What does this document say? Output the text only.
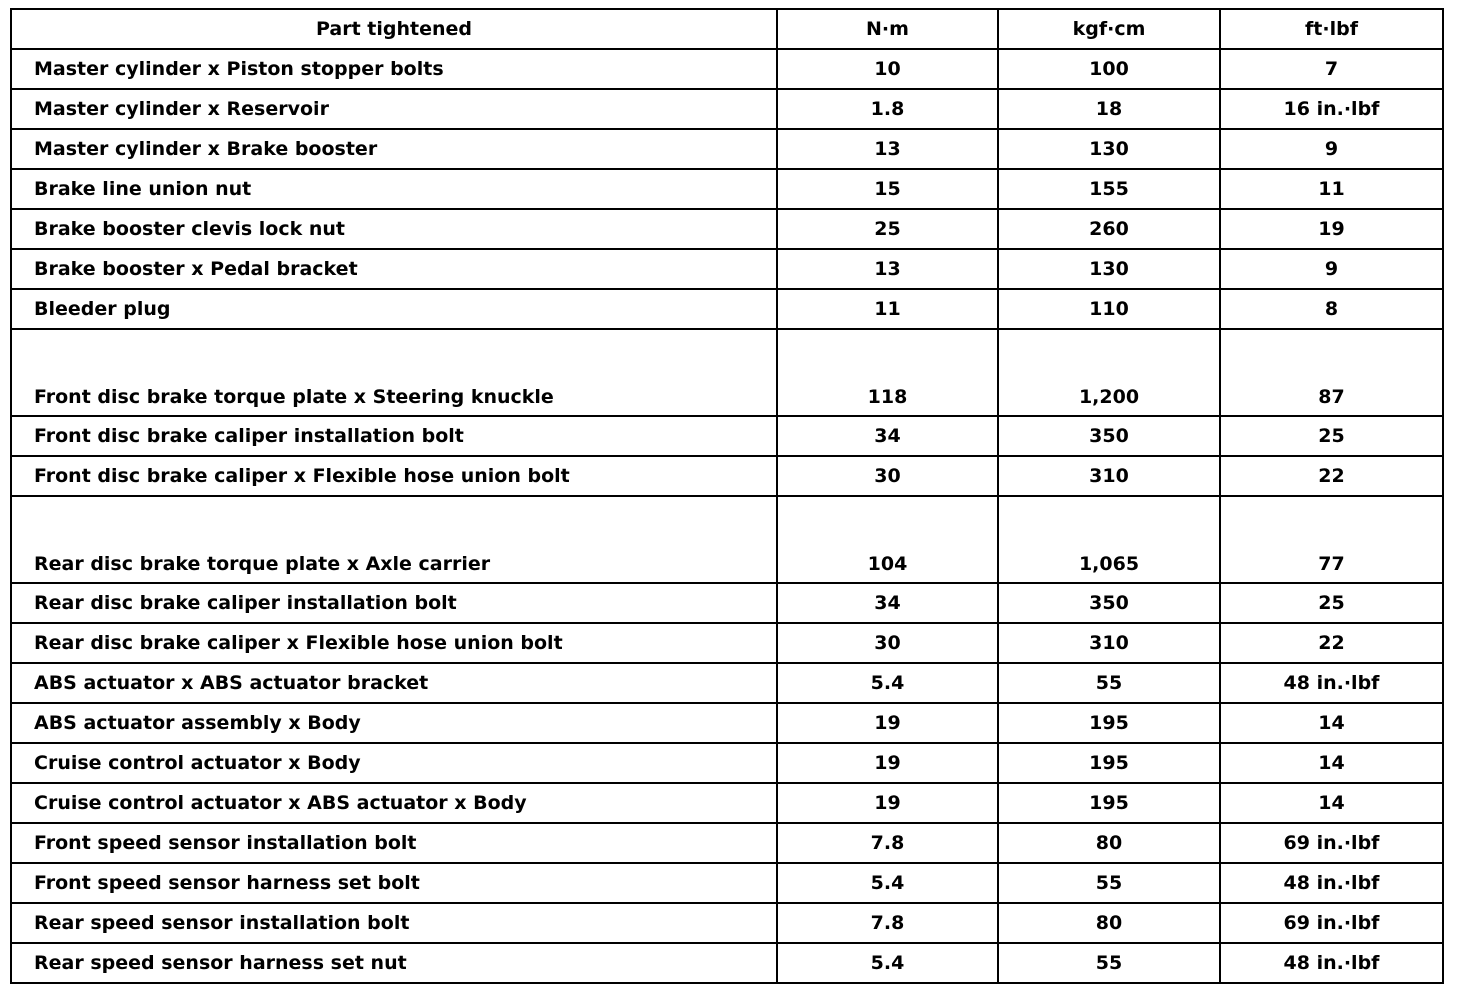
Part tightened	N·m	kgf·cm	ft·lbf
Master cylinder x Piston stopper bolts	10	100	7
Master cylinder x Reservoir	1.8	18	16 in.·lbf
Master cylinder x Brake booster	13	130	9
Brake line union nut	15	155	11
Brake booster clevis lock nut	25	260	19
Brake booster x Pedal bracket	13	130	9
Bleeder plug	11	110	8
Front disc brake torque plate x Steering knuckle	118	1,200	87
Front disc brake caliper installation bolt	34	350	25
Front disc brake caliper x Flexible hose union bolt	30	310	22
Rear disc brake torque plate x Axle carrier	104	1,065	77
Rear disc brake caliper installation bolt	34	350	25
Rear disc brake caliper x Flexible hose union bolt	30	310	22
ABS actuator x ABS actuator bracket	5.4	55	48 in.·lbf
ABS actuator assembly x Body	19	195	14
Cruise control actuator x Body	19	195	14
Cruise control actuator x ABS actuator x Body	19	195	14
Front speed sensor installation bolt	7.8	80	69 in.·lbf
Front speed sensor harness set bolt	5.4	55	48 in.·lbf
Rear speed sensor installation bolt	7.8	80	69 in.·lbf
Rear speed sensor harness set nut	5.4	55	48 in.·lbf
